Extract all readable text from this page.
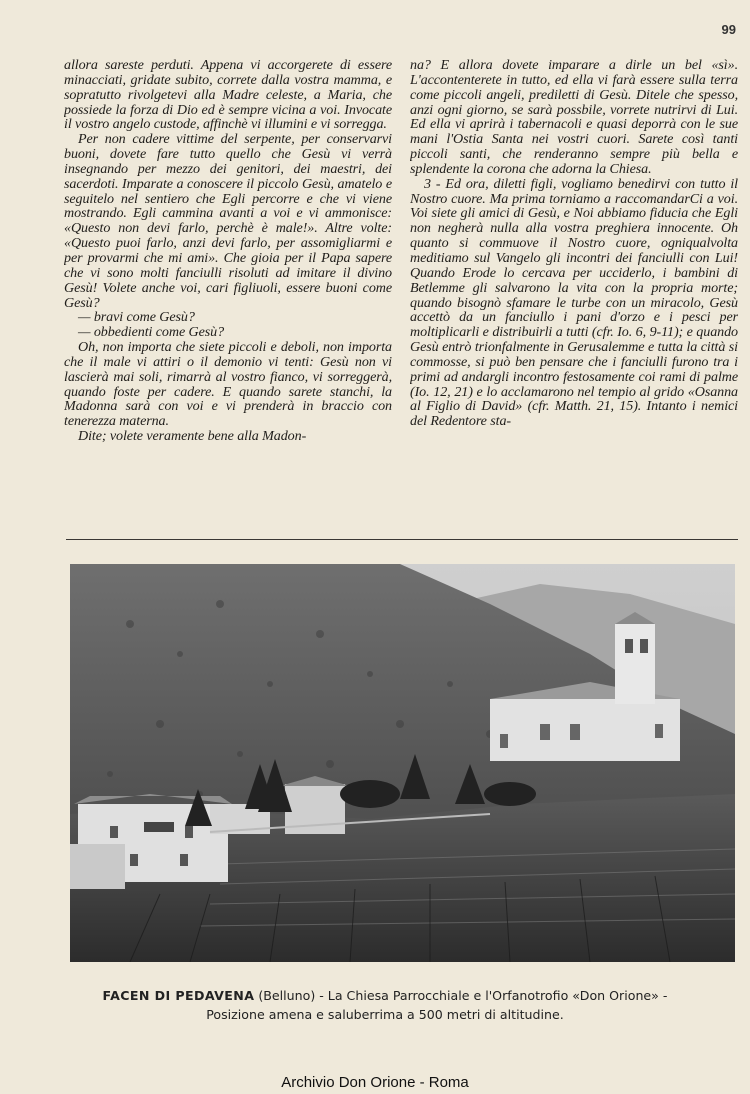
99

allora sareste perduti. Appena vi accorgerete di essere minacciati, gridate subito, correte dalla vostra mamma, e sopratutto rivolgetevi alla Madre celeste, a Maria, che possiede la forza di Dio ed è sempre vicina a voi. Invocate il vostro angelo custode, affinchè vi illumini e vi sorregga.

Per non cadere vittime del serpente, per conservarvi buoni, dovete fare tutto quello che Gesù vi verrà insegnando per mezzo dei genitori, dei maestri, dei sacerdoti. Imparate a conoscere il piccolo Gesù, amatelo e seguitelo nel sentiero che Egli percorre e che vi viene mostrando. Egli cammina avanti a voi e vi ammonisce: «Questo non devi farlo, perchè è male!». Altre volte: «Questo puoi farlo, anzi devi farlo, per assomigliarmi e per provarmi che mi ami». Che gioia per il Papa sapere che vi sono molti fanciulli risoluti ad imitare il divino Gesù! Volete anche voi, cari figliuoli, essere buoni come Gesù?

— bravi come Gesù?

— obbedienti come Gesù?

Oh, non importa che siete piccoli e deboli, non importa che il male vi attiri o il demonio vi tenti: Gesù non vi lascierà mai soli, rimarrà al vostro fianco, vi sorreggerà, quando foste per cadere. E quando sarete stanchi, la Madonna sarà con voi e vi prenderà in braccio con tenerezza materna.

Dite; volete veramente bene alla Madon-

na? E allora dovete imparare a dirle un bel «sì». L'accontenterete in tutto, ed ella vi farà essere sulla terra come piccoli angeli, prediletti di Gesù. Ditele che spesso, anzi ogni giorno, se sarà possbile, vorrete nutrirvi di Lui. Ed ella vi aprirà i tabernacoli e quasi deporrà con le sue mani l'Ostia Santa nei vostri cuori. Sarete così tanti piccoli santi, che renderanno sempre più bella e splendente la corona che adorna la Chiesa.

3 - Ed ora, diletti figli, vogliamo benedirvi con tutto il Nostro cuore. Ma prima torniamo a raccomandarCi a voi. Voi siete gli amici di Gesù, e Noi abbiamo fiducia che Egli non negherà nulla alla vostra preghiera innocente. Oh quanto si commuove il Nostro cuore, ogniqualvolta meditiamo sul Vangelo gli incontri dei fanciulli con Lui! Quando Erode lo cercava per ucciderlo, i bambini di Betlemme gli salvarono la vita con la propria morte; quando bisognò sfamare le turbe con un miracolo, Gesù accettò da un fanciullo i pani d'orzo e i pesci per moltiplicarli e distribuirli a tutti (cfr. Io. 6, 9-11); e quando Gesù entrò trionfalmente in Gerusalemme e tutta la città si commosse, si può ben pensare che i fanciulli furono tra i primi ad andargli incontro festosamente coi rami di palme (Io. 12, 21) e lo acclamarono nel tempio al grido «Osanna al Figlio di David» (cfr. Matth. 21, 15). Intanto i nemici del Redentore sta-

FACEN DI PEDAVENA (Belluno) - La Chiesa Parrocchiale e l'Orfanotrofio «Don Orione» -
Posizione amena e saluberrima a 500 metri di altitudine.
Archivio Don Orione - Roma
